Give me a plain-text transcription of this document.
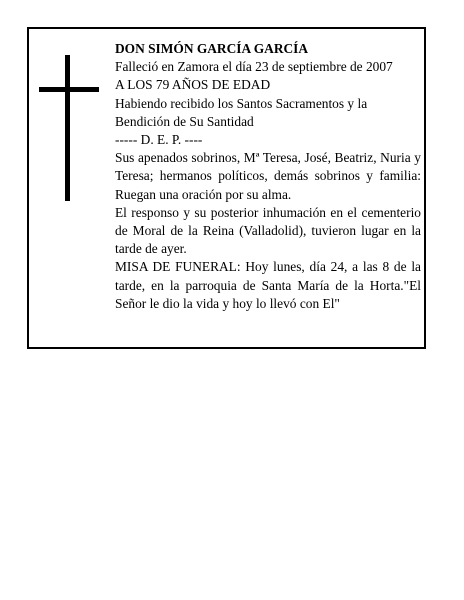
DON SIMÓN GARCÍA GARCÍA

Falleció en Zamora el día 23 de septiembre de 2007

A LOS 79 AÑOS DE EDAD

Habiendo recibido los Santos Sacramentos y la Bendición de Su Santidad

----- D. E. P. ----

Sus apenados sobrinos, Mª Teresa, José, Beatriz, Nuria y Teresa; hermanos políticos, demás sobrinos y familia: Ruegan una oración por su alma.

El responso y su posterior inhumación en el cementerio de Moral de la Reina (Valladolid), tuvieron lugar en la tarde de ayer.

MISA DE FUNERAL: Hoy lunes, día 24, a las 8 de la tarde, en la parroquia de Santa María de la Horta."El Señor le dio la vida y hoy lo llevó con El"
